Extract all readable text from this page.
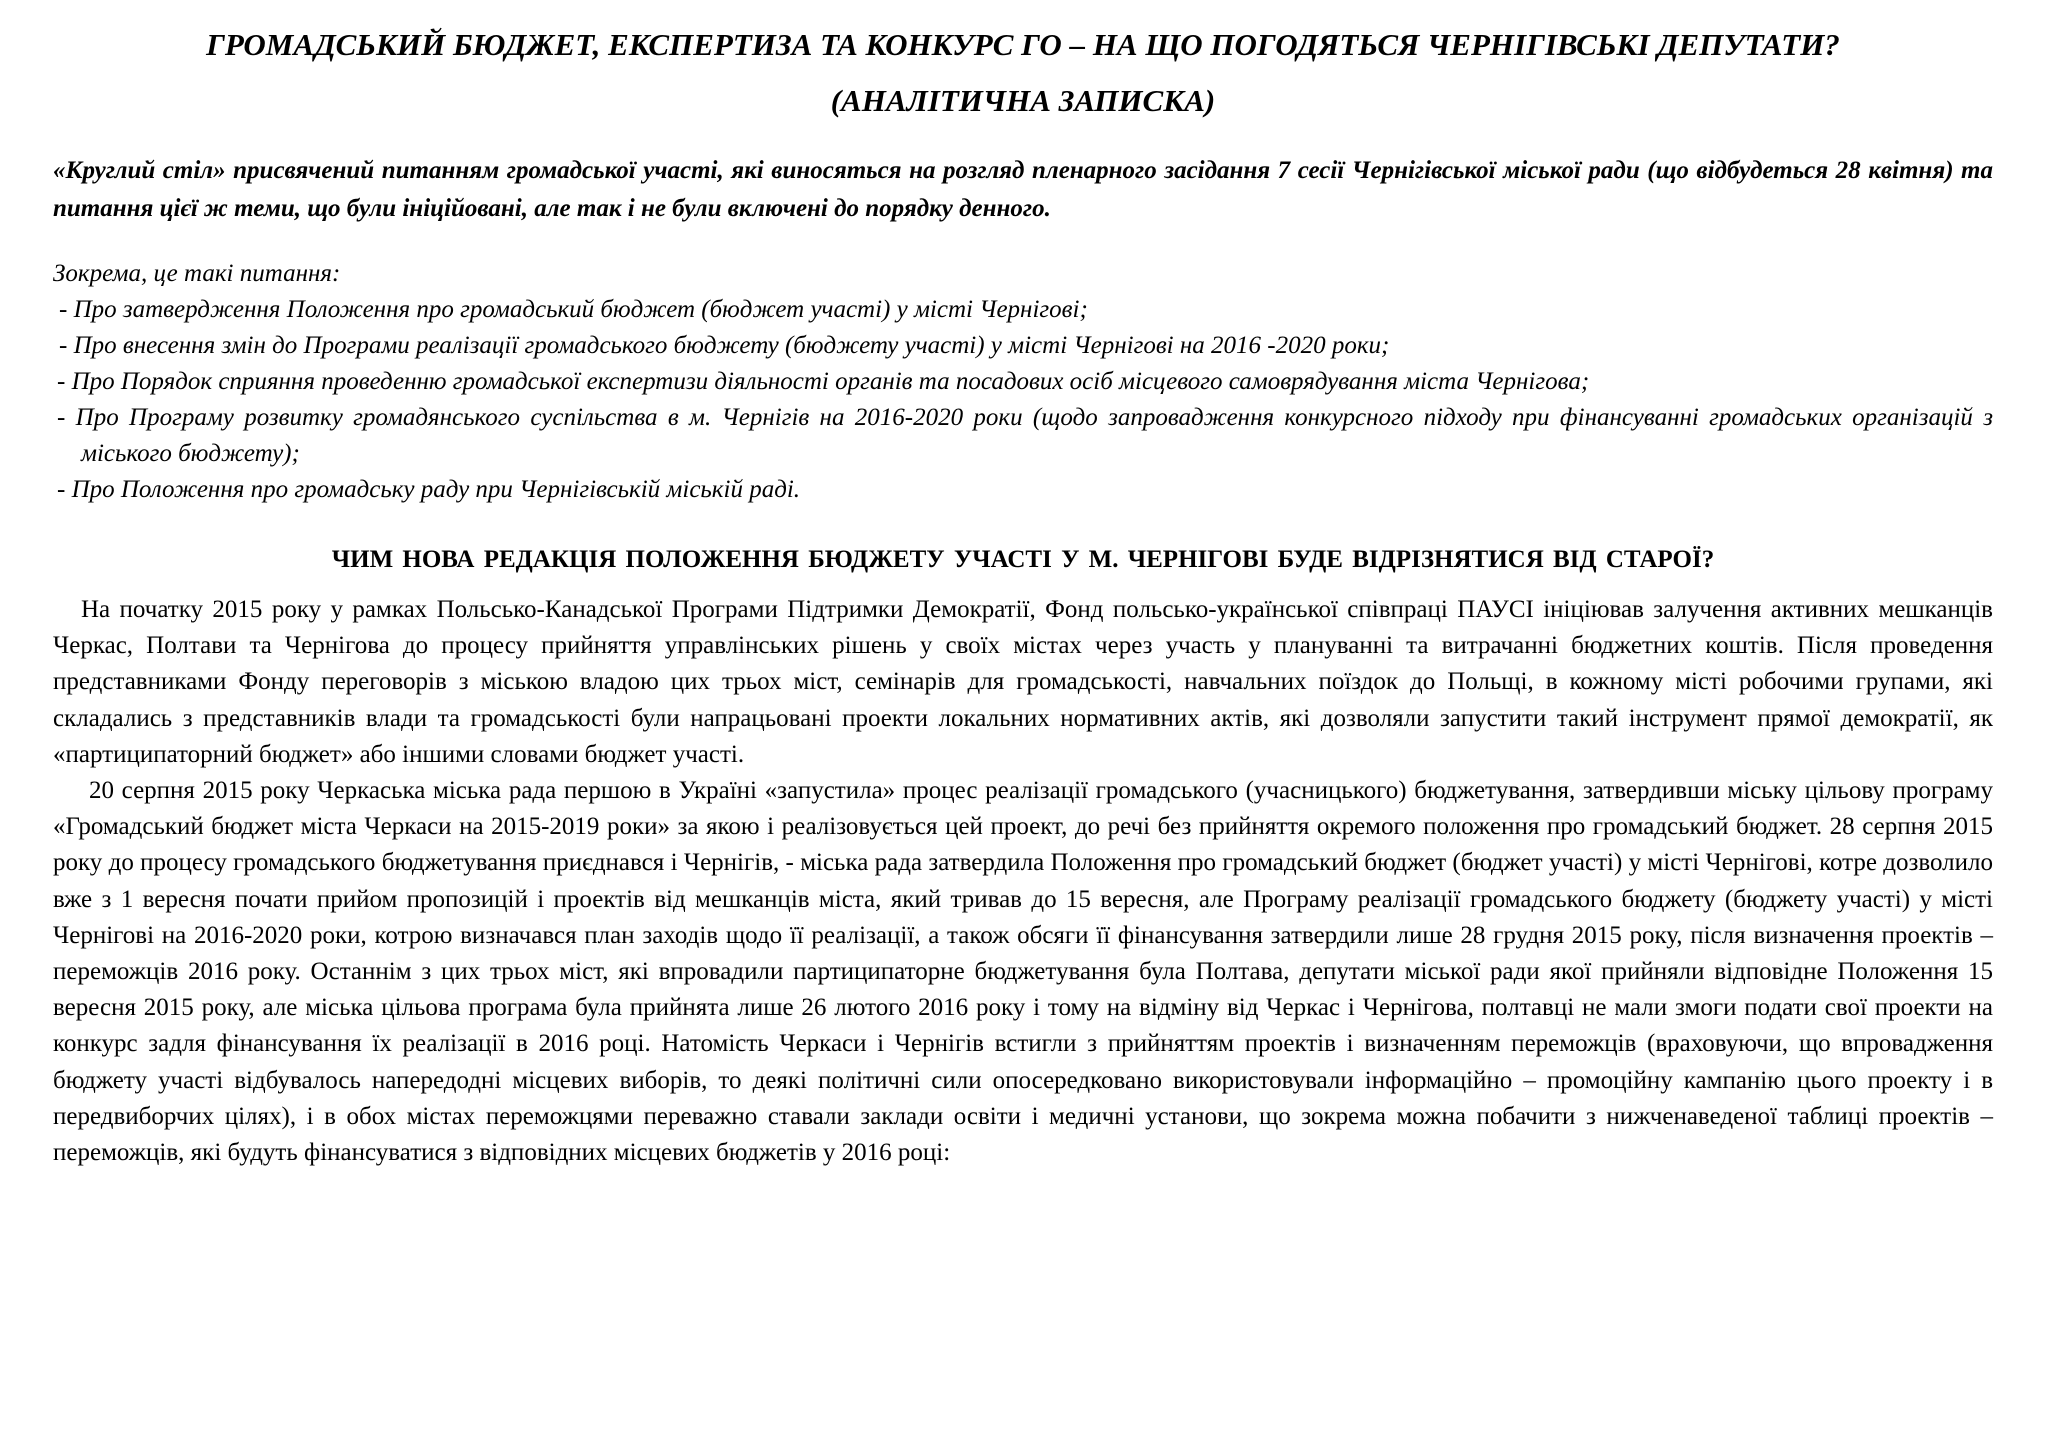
ГРОМАДСЬКИЙ БЮДЖЕТ, ЕКСПЕРТИЗА ТА КОНКУРС ГО – НА ЩО ПОГОДЯТЬСЯ ЧЕРНІГІВСЬКІ ДЕПУТАТИ?
(АНАЛІТИЧНА ЗАПИСКА)

«Круглий стіл» присвячений питанням громадської участі, які виносяться на розгляд пленарного засідання 7 сесії Чернігівської міської ради (що відбудеться 28 квітня) та питання цієї ж теми, що були ініційовані, але так і не були включені до порядку денного.

Зокрема, це такі питання:

- Про затвердження Положення про громадський бюджет (бюджет участі) у місті Чернігові;
- Про внесення змін до Програми реалізації громадського бюджету (бюджету участі) у місті Чернігові на 2016 -2020 роки;
- Про Порядок сприяння проведенню громадської експертизи діяльності органів та посадових осіб місцевого самоврядування міста Чернігова;
- Про Програму розвитку громадянського суспільства в м. Чернігів на 2016-2020 роки (щодо запровадження конкурсного підходу при фінансуванні громадських організацій з міського бюджету);
- Про Положення про громадську раду при Чернігівській міській раді.
ЧИМ НОВА РЕДАКЦІЯ ПОЛОЖЕННЯ БЮДЖЕТУ УЧАСТІ У М. ЧЕРНІГОВІ БУДЕ ВІДРІЗНЯТИСЯ ВІД СТАРОЇ?

На початку 2015 року у рамках Польсько-Канадської Програми Підтримки Демократії, Фонд польсько-української співпраці ПАУСІ ініціював залучення активних мешканців Черкас, Полтави та Чернігова до процесу прийняття управлінських рішень у своїх містах через участь у плануванні та витрачанні бюджетних коштів. Після проведення представниками Фонду переговорів з міською владою цих трьох міст, семінарів для громадськості, навчальних поїздок до Польщі, в кожному місті робочими групами, які складались з представників влади та громадськості були напрацьовані проекти локальних нормативних актів, які дозволяли запустити такий інструмент прямої демократії, як «партиципаторний бюджет» або іншими словами бюджет участі.

20 серпня 2015 року Черкаська міська рада першою в Україні «запустила» процес реалізації громадського (учасницького) бюджетування, затвердивши міську цільову програму «Громадський бюджет міста Черкаси на 2015-2019 роки» за якою і реалізовується цей проект, до речі без прийняття окремого положення про громадський бюджет. 28 серпня 2015 року до процесу громадського бюджетування приєднався і Чернігів, - міська рада затвердила Положення про громадський бюджет (бюджет участі) у місті Чернігові, котре дозволило вже з 1 вересня почати прийом пропозицій і проектів від мешканців міста, який тривав до 15 вересня, але Програму реалізації громадського бюджету (бюджету участі) у місті Чернігові на 2016-2020 роки, котрою визначався план заходів щодо її реалізації, а також обсяги її фінансування затвердили лише 28 грудня 2015 року, після визначення проектів – переможців 2016 року. Останнім з цих трьох міст, які впровадили партиципаторне бюджетування була Полтава, депутати міської ради якої прийняли відповідне Положення 15 вересня 2015 року, але міська цільова програма була прийнята лише 26 лютого 2016 року і тому на відміну від Черкас і Чернігова, полтавці не мали змоги подати свої проекти на конкурс задля фінансування їх реалізації в 2016 році. Натомість Черкаси і Чернігів встигли з прийняттям проектів і визначенням переможців (враховуючи, що впровадження бюджету участі відбувалось напередодні місцевих виборів, то деякі політичні сили опосередковано використовували інформаційно – промоційну кампанію цього проекту і в передвиборчих цілях), і в обох містах переможцями переважно ставали заклади освіти і медичні установи, що зокрема можна побачити з нижченаведеної таблиці проектів – переможців, які будуть фінансуватися з відповідних місцевих бюджетів у 2016 році:
